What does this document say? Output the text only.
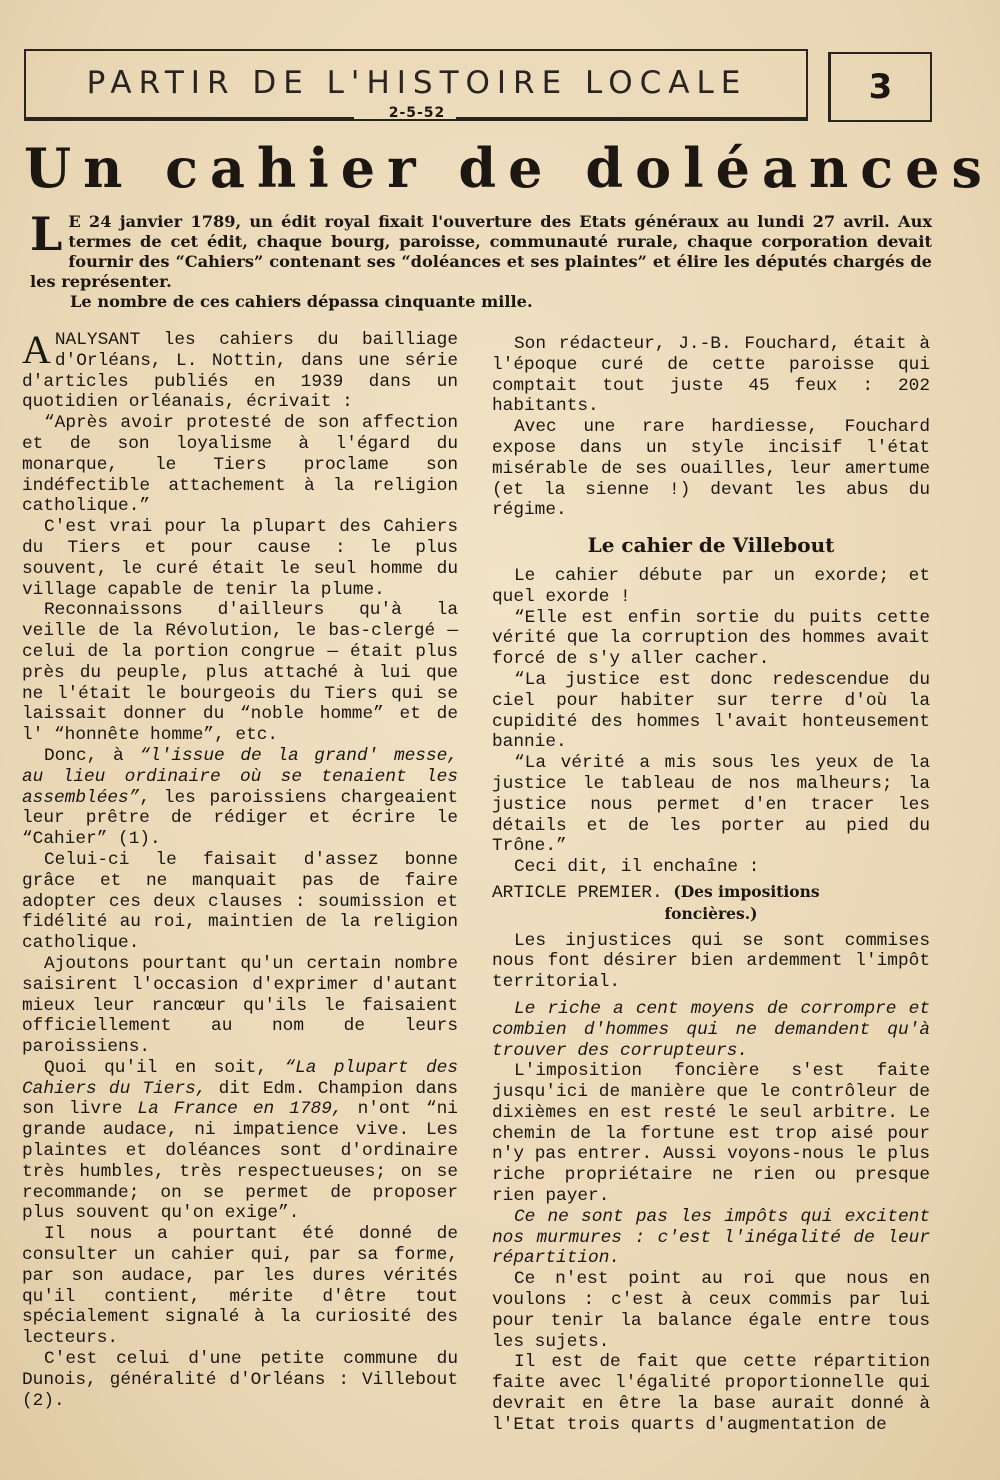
PARTIR DE L'HISTOIRE LOCALE
2-5-52
3
Un cahier de doléances

L E 24 janvier 1789, un édit royal fixait l'ouverture des Etats généraux au lundi 27 avril. Aux termes de cet édit, chaque bourg, paroisse, communauté rurale, chaque corporation devait fournir des “Cahiers” contenant ses “doléances et ses plaintes” et élire les députés chargés de les représenter.

Le nombre de ces cahiers dépassa cinquante mille.

ANALYSANT les cahiers du bailliage d'Orléans, L. Nottin, dans une série d'articles publiés en 1939 dans un quotidien orléanais, écrivait :

“Après avoir protesté de son affection et de son loyalisme à l'égard du monarque, le Tiers proclame son indéfectible attachement à la religion catholique.”

C'est vrai pour la plupart des Cahiers du Tiers et pour cause : le plus souvent, le curé était le seul homme du village capable de tenir la plume.

Reconnaissons d'ailleurs qu'à la veille de la Révolution, le bas-clergé — celui de la portion congrue — était plus près du peuple, plus attaché à lui que ne l'était le bourgeois du Tiers qui se laissait donner du “noble homme” et de l' “honnête homme”, etc.

Donc, à “l'issue de la grand' messe, au lieu ordinaire où se tenaient les assemblées”, les paroissiens chargeaient leur prêtre de rédiger et écrire le “Cahier” (1).

Celui-ci le faisait d'assez bonne grâce et ne manquait pas de faire adopter ces deux clauses : soumission et fidélité au roi, maintien de la religion catholique.

Ajoutons pourtant qu'un certain nombre saisirent l'occasion d'exprimer d'autant mieux leur rancœur qu'ils le faisaient officiellement au nom de leurs paroissiens.

Quoi qu'il en soit, “La plupart des Cahiers du Tiers, dit Edm. Champion dans son livre La France en 1789, n'ont “ni grande audace, ni impatience vive. Les plaintes et doléances sont d'ordinaire très humbles, très respectueuses; on se recommande; on se permet de proposer plus souvent qu'on exige”.

Il nous a pourtant été donné de consulter un cahier qui, par sa forme, par son audace, par les dures vérités qu'il contient, mérite d'être tout spécialement signalé à la curiosité des lecteurs.

C'est celui d'une petite commune du Dunois, généralité d'Orléans : Villebout (2).

Son rédacteur, J.-B. Fouchard, était à l'époque curé de cette paroisse qui comptait tout juste 45 feux : 202 habitants.

Avec une rare hardiesse, Fouchard expose dans un style incisif l'état misérable de ses ouailles, leur amertume (et la sienne !) devant les abus du régime.

Le cahier de Villebout

Le cahier débute par un exorde; et quel exorde !

“Elle est enfin sortie du puits cette vérité que la corruption des hommes avait forcé de s'y aller cacher.

“La justice est donc redescendue du ciel pour habiter sur terre d'où la cupidité des hommes l'avait honteusement bannie.

“La vérité a mis sous les yeux de la justice le tableau de nos malheurs; la justice nous permet d'en tracer les détails et de les porter au pied du Trône.”

Ceci dit, il enchaîne :

ARTICLE PREMIER. (Des impositions

foncières.)

Les injustices qui se sont commises nous font désirer bien ardemment l'impôt territorial.

Le riche a cent moyens de corrompre et combien d'hommes qui ne demandent qu'à trouver des corrupteurs.

L'imposition foncière s'est faite jusqu'ici de manière que le contrôleur de dixièmes en est resté le seul arbitre. Le chemin de la fortune est trop aisé pour n'y pas entrer. Aussi voyons-nous le plus riche propriétaire ne rien ou presque rien payer.

Ce ne sont pas les impôts qui excitent nos murmures : c'est l'inégalité de leur répartition.

Ce n'est point au roi que nous en voulons : c'est à ceux commis par lui pour tenir la balance égale entre tous les sujets.

Il est de fait que cette répartition faite avec l'égalité proportionnelle qui devrait en être la base aurait donné à l'Etat trois quarts d'augmentation de
